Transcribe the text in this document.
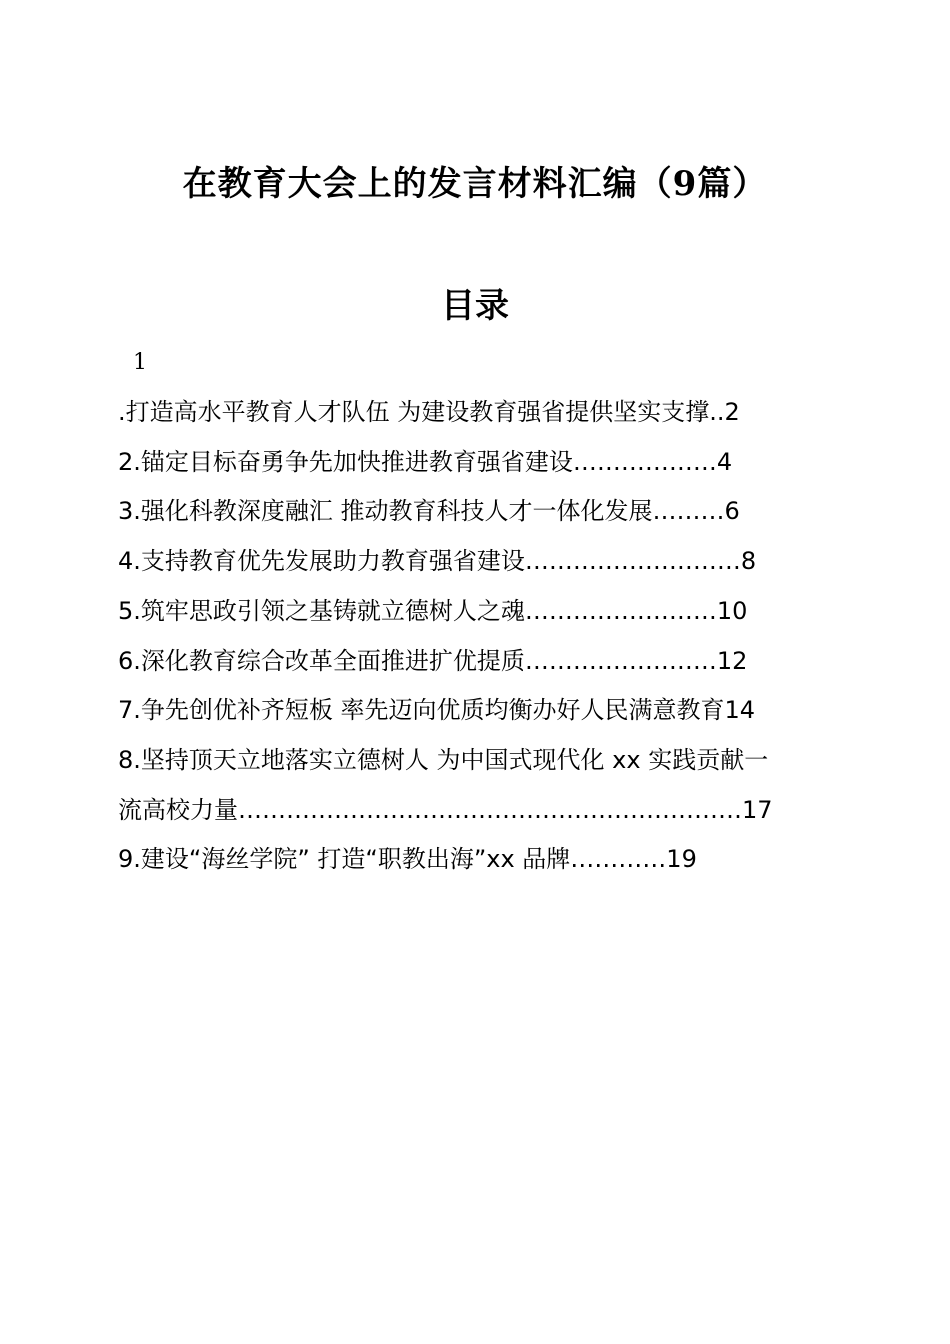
在教育大会上的发言材料汇编（9篇）
目录
1
.打造高水平教育人才队伍 为建设教育强省提供坚实支撑..2
2.锚定目标奋勇争先加快推进教育强省建设………………4
3.强化科教深度融汇 推动教育科技人才一体化发展………6
4.支持教育优先发展助力教育强省建设………………………8
5.筑牢思政引领之基铸就立德树人之魂……………………10
6.深化教育综合改革全面推进扩优提质……………………12
7.争先创优补齐短板 率先迈向优质均衡办好人民满意教育14
8.坚持顶天立地落实立德树人 为中国式现代化 xx 实践贡献一
流高校力量………………………………………………………17
9.建设“海丝学院” 打造“职教出海”xx 品牌…………19
